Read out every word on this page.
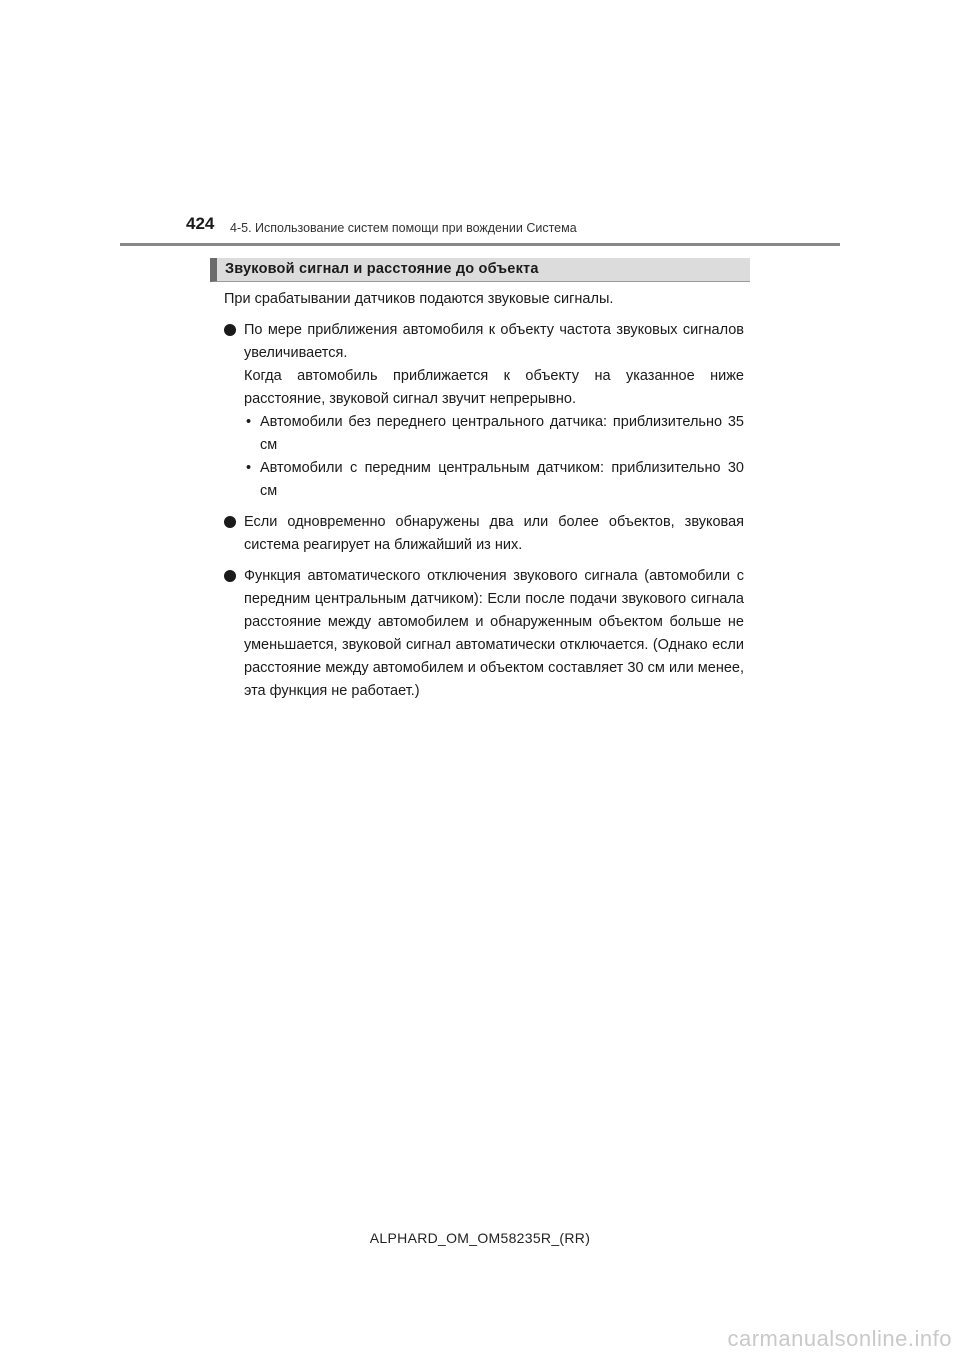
424 4-5. Использование систем помощи при вождении Система
Звуковой сигнал и расстояние до объекта

При срабатывании датчиков подаются звуковые сигналы.

По мере приближения автомобиля к объекту частота звуковых сигналов увеличивается.

Когда автомобиль приближается к объекту на указанное ниже расстояние, звуковой сигнал звучит непрерывно.

• Автомобили без переднего центрального датчика: приблизительно 35 см

• Автомобили с передним центральным датчиком: приблизительно 30 см

Если одновременно обнаружены два или более объектов, звуковая система реагирует на ближайший из них.

Функция автоматического отключения звукового сигнала (автомобили с передним центральным датчиком): Если после подачи звукового сигнала расстояние между автомобилем и обнаруженным объектом больше не уменьшается, звуковой сигнал автоматически отключается. (Однако если расстояние между автомобилем и объектом составляет 30 см или менее, эта функция не работает.)

ALPHARD_OM_OM58235R_(RR)
carmanualsonline.info
